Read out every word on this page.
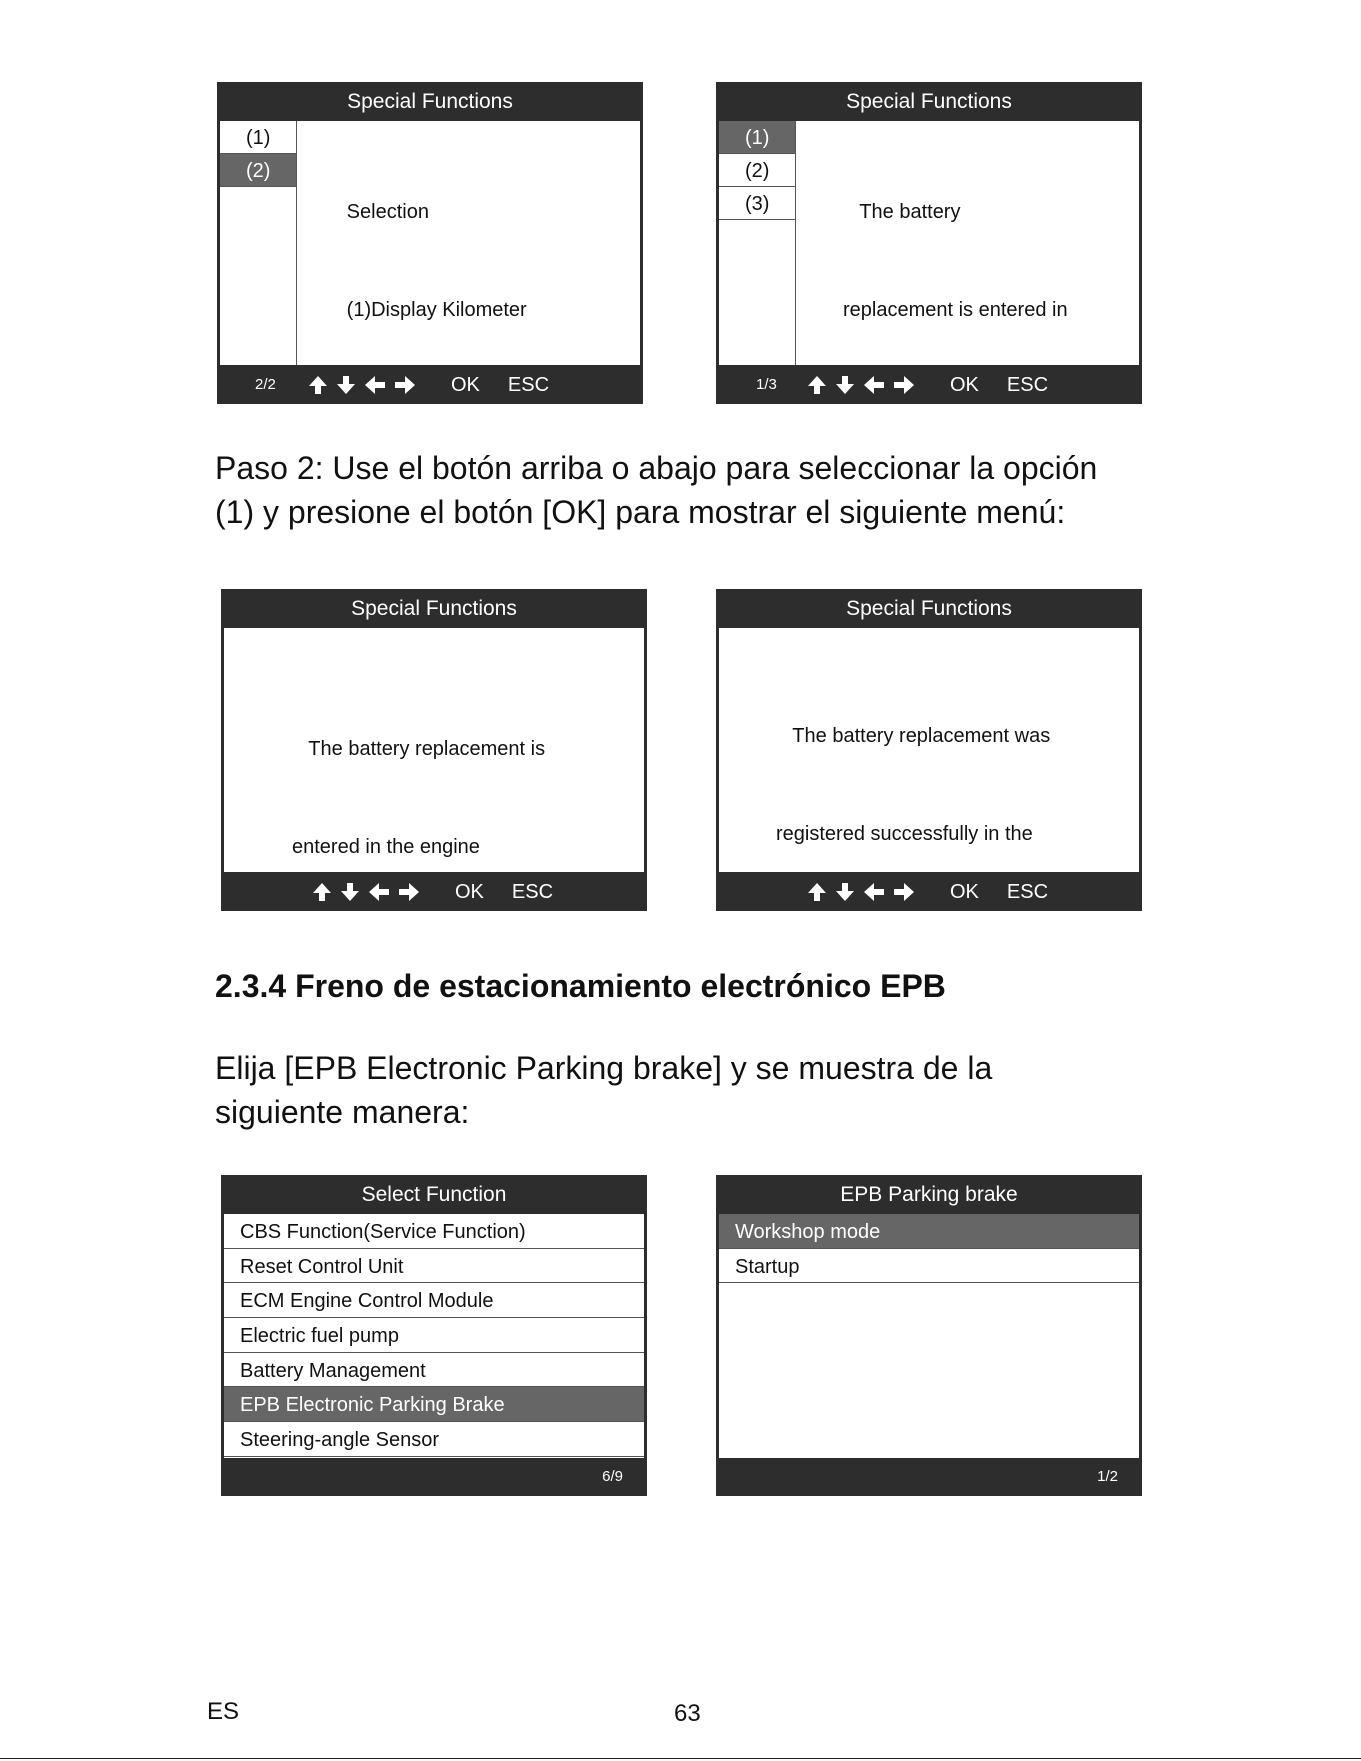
Special Functions
(1)
(2)

Selection

(1)Display Kilometer

2/2	OK ESC
Special Functions
(1)
(2)
(3)

	The battery

replacement is entered in

1/3	OK ESC
Paso 2: Use el botón arriba o abajo para seleccionar la opción
(1) y presione el botón [OK] para mostrar el siguiente menú:
Special Functions

The battery replacement is

entered in the engine

OK ESC
Special Functions

The battery replacement was

registered successfully in the

OK ESC
2.3.4 Freno de estacionamiento electrónico EPB
Elija [EPB Electronic Parking brake] y se muestra de la
siguiente manera:
Select Function
CBS Function(Service Function)
Reset Control Unit
ECM Engine Control Module
Electric fuel pump
Battery Management
EPB Electronic Parking Brake
Steering-angle Sensor
6/9
EPB Parking brake
Workshop mode
Startup
1/2
ES	63
